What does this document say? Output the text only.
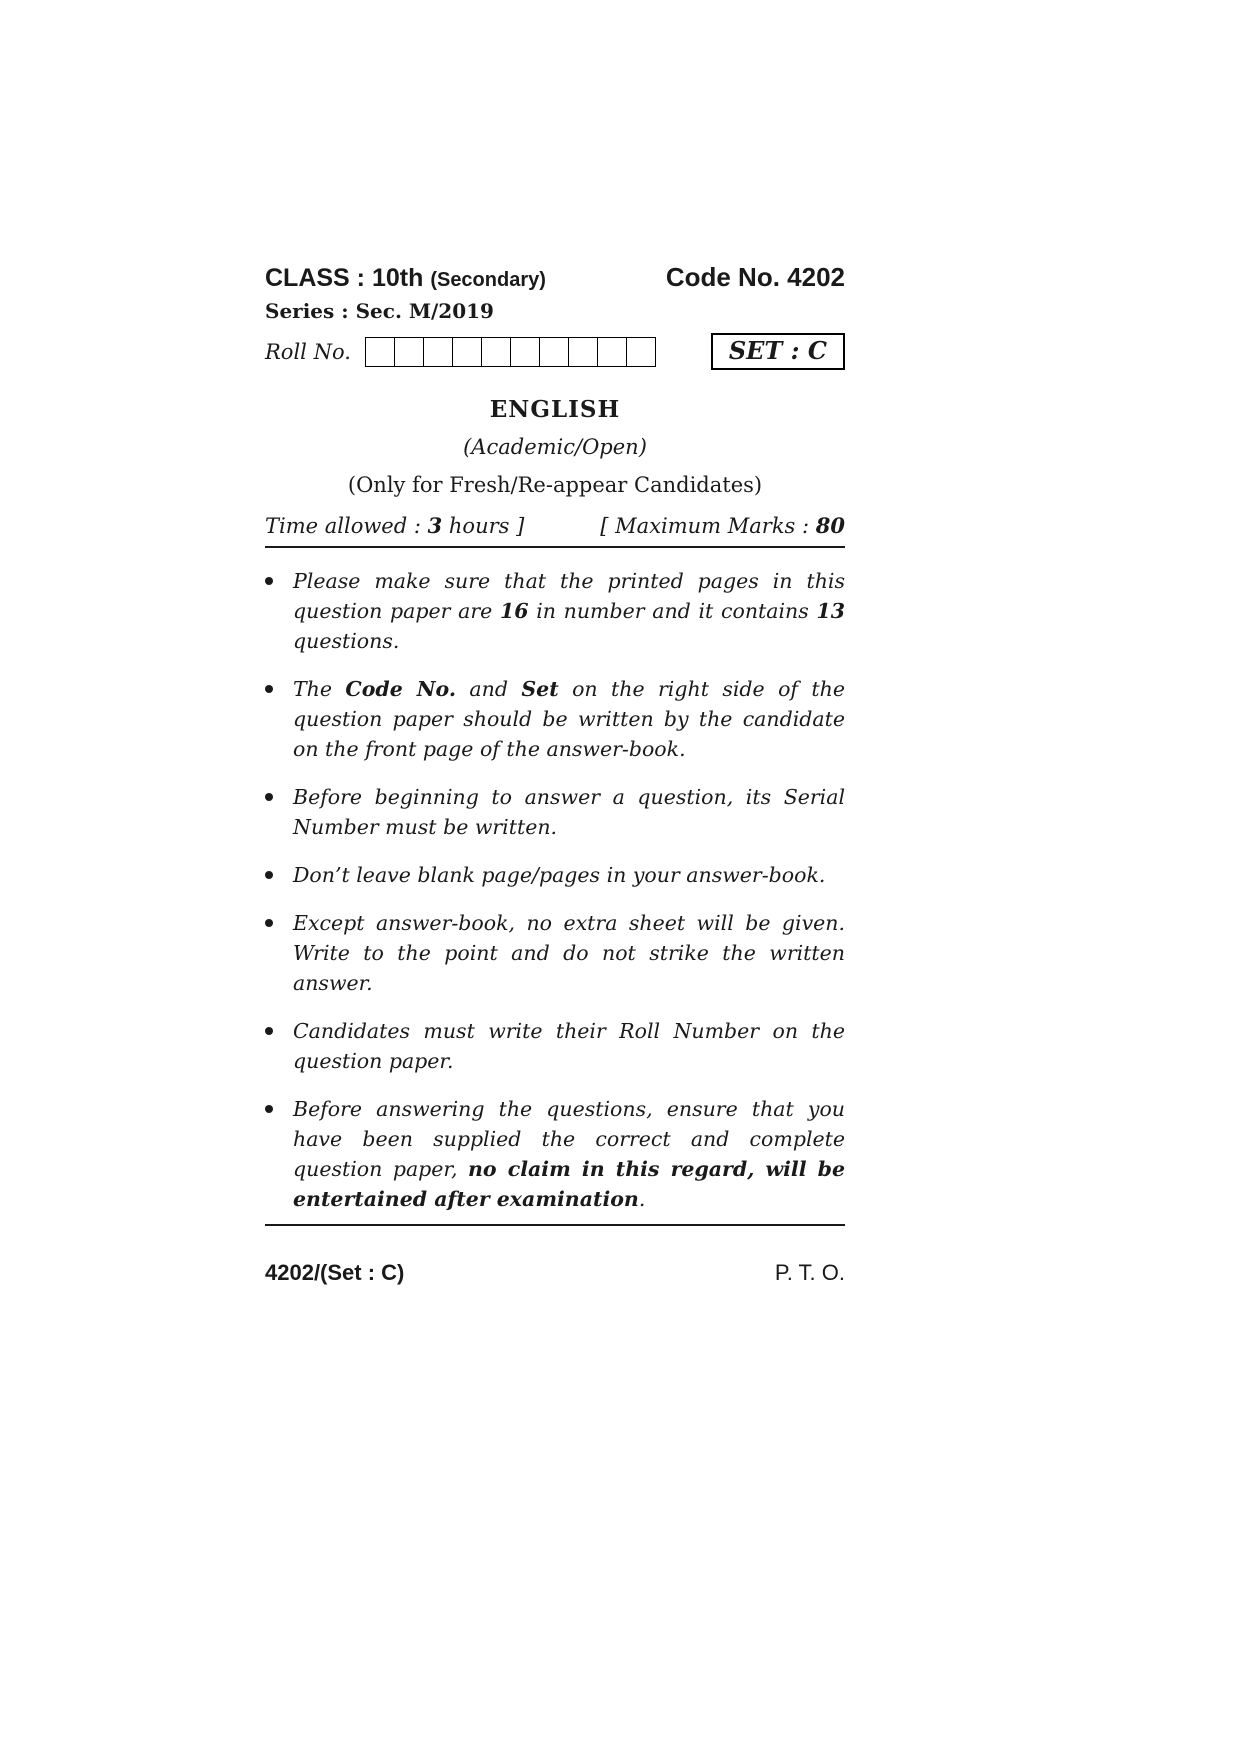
CLASS : 10th (Secondary)	Code No. 4202
Series : Sec. M/2019
Roll No.	SET : C
ENGLISH
(Academic/Open)
(Only for Fresh/Re-appear Candidates)
Time allowed : 3 hours ]	[ Maximum Marks : 80
Please make sure that the printed pages in this question paper are 16 in number and it contains 13 questions.
The Code No. and Set on the right side of the question paper should be written by the candidate on the front page of the answer-book.
Before beginning to answer a question, its Serial Number must be written.
Don’t leave blank page/pages in your answer-book.
Except answer-book, no extra sheet will be given. Write to the point and do not strike the written answer.
Candidates must write their Roll Number on the question paper.
Before answering the questions, ensure that you have been supplied the correct and complete question paper, no claim in this regard, will be entertained after examination.
4202/(Set : C)	P. T. O.
